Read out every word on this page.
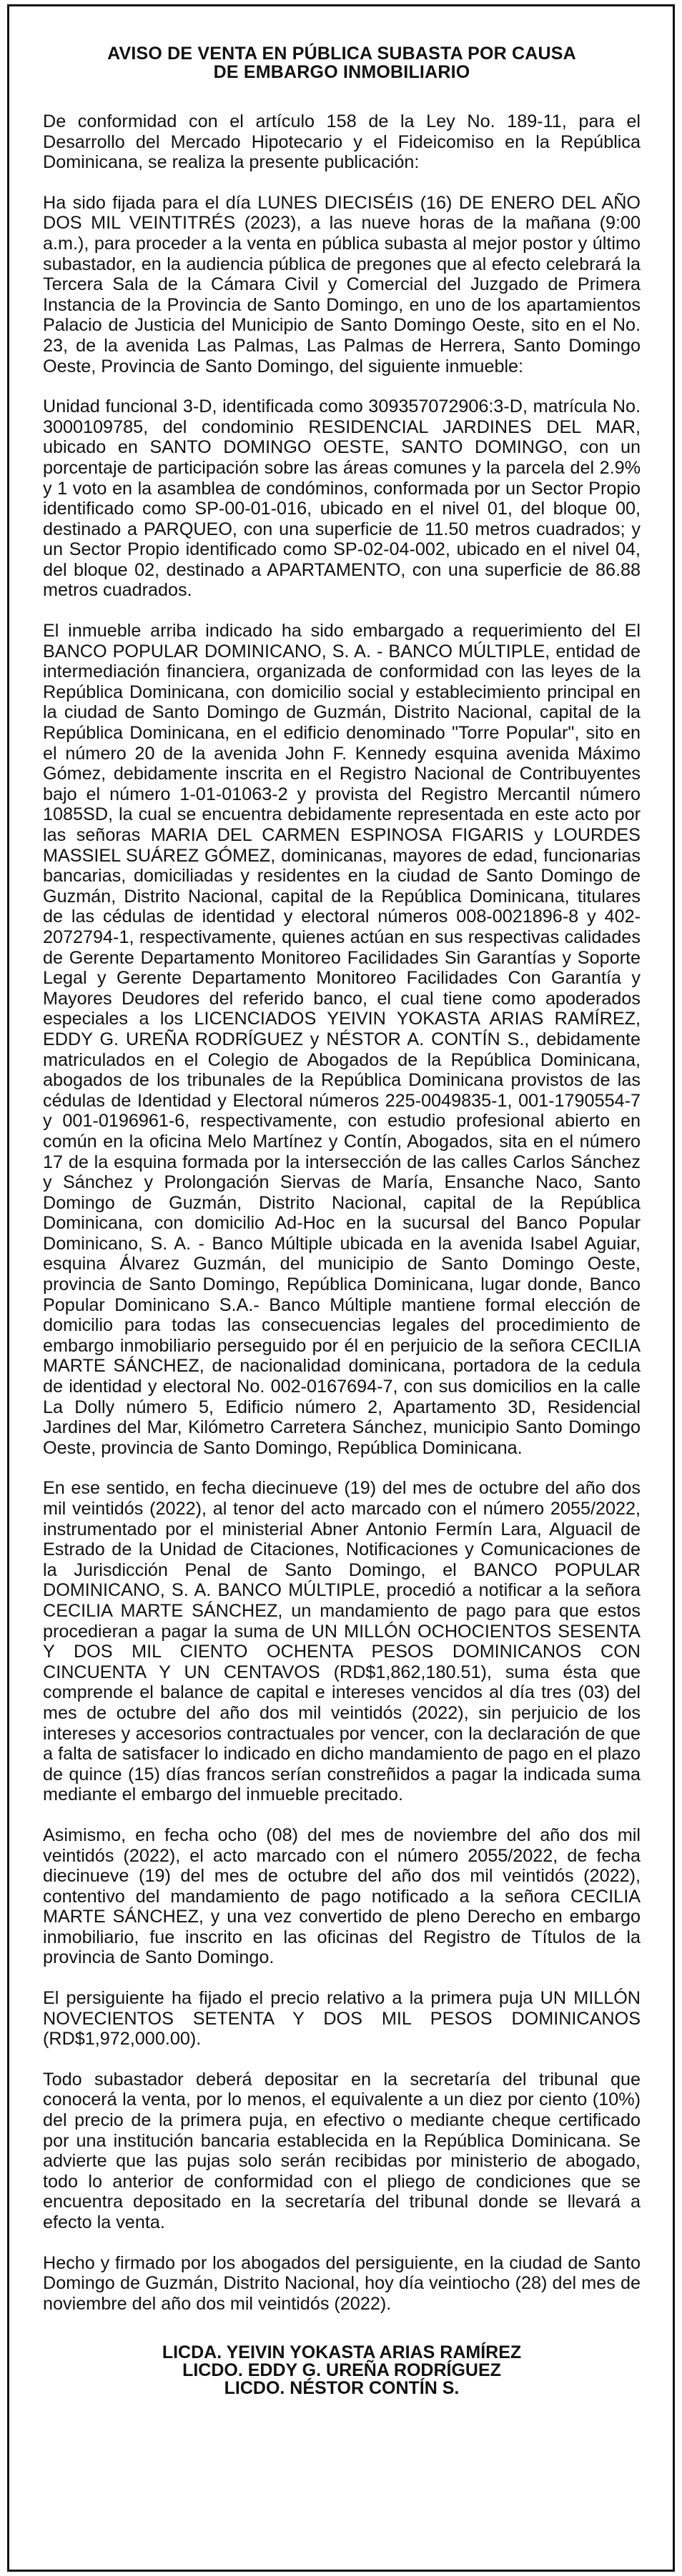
AVISO DE VENTA EN PÚBLICA SUBASTA POR CAUSA
DE EMBARGO INMOBILIARIO

De conformidad con el artículo 158 de la Ley No. 189-11, para el Desarrollo del Mercado Hipotecario y el Fideicomiso en la República Dominicana, se realiza la presente publicación:

Ha sido fijada para el día LUNES DIECISÉIS (16) DE ENERO DEL AÑO DOS MIL VEINTITRÉS (2023), a las nueve horas de la mañana (9:00 a.m.), para proceder a la venta en pública subasta al mejor postor y último subastador, en la audiencia pública de pregones que al efecto celebrará la Tercera Sala de la Cámara Civil y Comercial del Juzgado de Primera Instancia de la Provincia de Santo Domingo, en uno de los apartamientos Palacio de Justicia del Municipio de Santo Domingo Oeste, sito en el No. 23, de la avenida Las Palmas, Las Palmas de Herrera, Santo Domingo Oeste, Provincia de Santo Domingo, del siguiente inmueble:

Unidad funcional 3-D, identificada como 309357072906:3-D, matrícula No. 3000109785, del condominio RESIDENCIAL JARDINES DEL MAR, ubicado en SANTO DOMINGO OESTE, SANTO DOMINGO, con un porcentaje de participación sobre las áreas comunes y la parcela del 2.9% y 1 voto en la asamblea de condóminos, conformada por un Sector Propio identificado como SP-00-01-016, ubicado en el nivel 01, del bloque 00, destinado a PARQUEO, con una superficie de 11.50 metros cuadrados; y un Sector Propio identificado como SP-02-04-002, ubicado en el nivel 04, del bloque 02, destinado a APARTAMENTO, con una superficie de 86.88 metros cuadrados.

El inmueble arriba indicado ha sido embargado a requerimiento del El BANCO POPULAR DOMINICANO, S. A. - BANCO MÚLTIPLE, entidad de intermediación financiera, organizada de conformidad con las leyes de la República Dominicana, con domicilio social y establecimiento principal en la ciudad de Santo Domingo de Guzmán, Distrito Nacional, capital de la República Dominicana, en el edificio denominado "Torre Popular", sito en el número 20 de la avenida John F. Kennedy esquina avenida Máximo Gómez, debidamente inscrita en el Registro Nacional de Contribuyentes bajo el número 1-01-01063-2 y provista del Registro Mercantil número 1085SD, la cual se encuentra debidamente representada en este acto por las señoras MARIA DEL CARMEN ESPINOSA FIGARIS y LOURDES MASSIEL SUÁREZ GÓMEZ, dominicanas, mayores de edad, funcionarias bancarias, domiciliadas y residentes en la ciudad de Santo Domingo de Guzmán, Distrito Nacional, capital de la República Dominicana, titulares de las cédulas de identidad y electoral números 008-0021896-8 y 402-2072794-1, respectivamente, quienes actúan en sus respectivas calidades de Gerente Departamento Monitoreo Facilidades Sin Garantías y Soporte Legal y Gerente Departamento Monitoreo Facilidades Con Garantía y Mayores Deudores del referido banco, el cual tiene como apoderados especiales a los LICENCIADOS YEIVIN YOKASTA ARIAS RAMÍREZ, EDDY G. UREÑA RODRÍGUEZ y NÉSTOR A. CONTÍN S., debidamente matriculados en el Colegio de Abogados de la República Dominicana, abogados de los tribunales de la República Dominicana provistos de las cédulas de Identidad y Electoral números 225-0049835-1, 001-1790554-7 y 001-0196961-6, respectivamente, con estudio profesional abierto en común en la oficina Melo Martínez y Contín, Abogados, sita en el número 17 de la esquina formada por la intersección de las calles Carlos Sánchez y Sánchez y Prolongación Siervas de María, Ensanche Naco, Santo Domingo de Guzmán, Distrito Nacional, capital de la República Dominicana, con domicilio Ad-Hoc en la sucursal del Banco Popular Dominicano, S. A. - Banco Múltiple ubicada en la avenida Isabel Aguiar, esquina Álvarez Guzmán, del municipio de Santo Domingo Oeste, provincia de Santo Domingo, República Dominicana, lugar donde, Banco Popular Dominicano S.A.- Banco Múltiple mantiene formal elección de domicilio para todas las consecuencias legales del procedimiento de embargo inmobiliario perseguido por él en perjuicio de la señora CECILIA MARTE SÁNCHEZ, de nacionalidad dominicana, portadora de la cedula de identidad y electoral No. 002-0167694-7, con sus domicilios en la calle La Dolly número 5, Edificio número 2, Apartamento 3D, Residencial Jardines del Mar, Kilómetro Carretera Sánchez, municipio Santo Domingo Oeste, provincia de Santo Domingo, República Dominicana.

En ese sentido, en fecha diecinueve (19) del mes de octubre del año dos mil veintidós (2022), al tenor del acto marcado con el número 2055/2022, instrumentado por el ministerial Abner Antonio Fermín Lara, Alguacil de Estrado de la Unidad de Citaciones, Notificaciones y Comunicaciones de la Jurisdicción Penal de Santo Domingo, el BANCO POPULAR DOMINICANO, S. A. BANCO MÚLTIPLE, procedió a notificar a la señora CECILIA MARTE SÁNCHEZ, un mandamiento de pago para que estos procedieran a pagar la suma de UN MILLÓN OCHOCIENTOS SESENTA Y DOS MIL CIENTO OCHENTA PESOS DOMINICANOS CON CINCUENTA Y UN CENTAVOS (RD$1,862,180.51), suma ésta que comprende el balance de capital e intereses vencidos al día tres (03) del mes de octubre del año dos mil veintidós (2022), sin perjuicio de los intereses y accesorios contractuales por vencer, con la declaración de que a falta de satisfacer lo indicado en dicho mandamiento de pago en el plazo de quince (15) días francos serían constreñidos a pagar la indicada suma mediante el embargo del inmueble precitado.

Asimismo, en fecha ocho (08) del mes de noviembre del año dos mil veintidós (2022), el acto marcado con el número 2055/2022, de fecha diecinueve (19) del mes de octubre del año dos mil veintidós (2022), contentivo del mandamiento de pago notificado a la señora CECILIA MARTE SÁNCHEZ, y una vez convertido de pleno Derecho en embargo inmobiliario, fue inscrito en las oficinas del Registro de Títulos de la provincia de Santo Domingo.

El persiguiente ha fijado el precio relativo a la primera puja UN MILLÓN NOVECIENTOS SETENTA Y DOS MIL PESOS DOMINICANOS (RD$1,972,000.00).

Todo subastador deberá depositar en la secretaría del tribunal que conocerá la venta, por lo menos, el equivalente a un diez por ciento (10%) del precio de la primera puja, en efectivo o mediante cheque certificado por una institución bancaria establecida en la República Dominicana. Se advierte que las pujas solo serán recibidas por ministerio de abogado, todo lo anterior de conformidad con el pliego de condiciones que se encuentra depositado en la secretaría del tribunal donde se llevará a efecto la venta.

Hecho y firmado por los abogados del persiguiente, en la ciudad de Santo Domingo de Guzmán, Distrito Nacional, hoy día veintiocho (28) del mes de noviembre del año dos mil veintidós (2022).

LICDA. YEIVIN YOKASTA ARIAS RAMÍREZ
LICDO. EDDY G. UREÑA RODRÍGUEZ
LICDO. NÉSTOR CONTÍN S.
